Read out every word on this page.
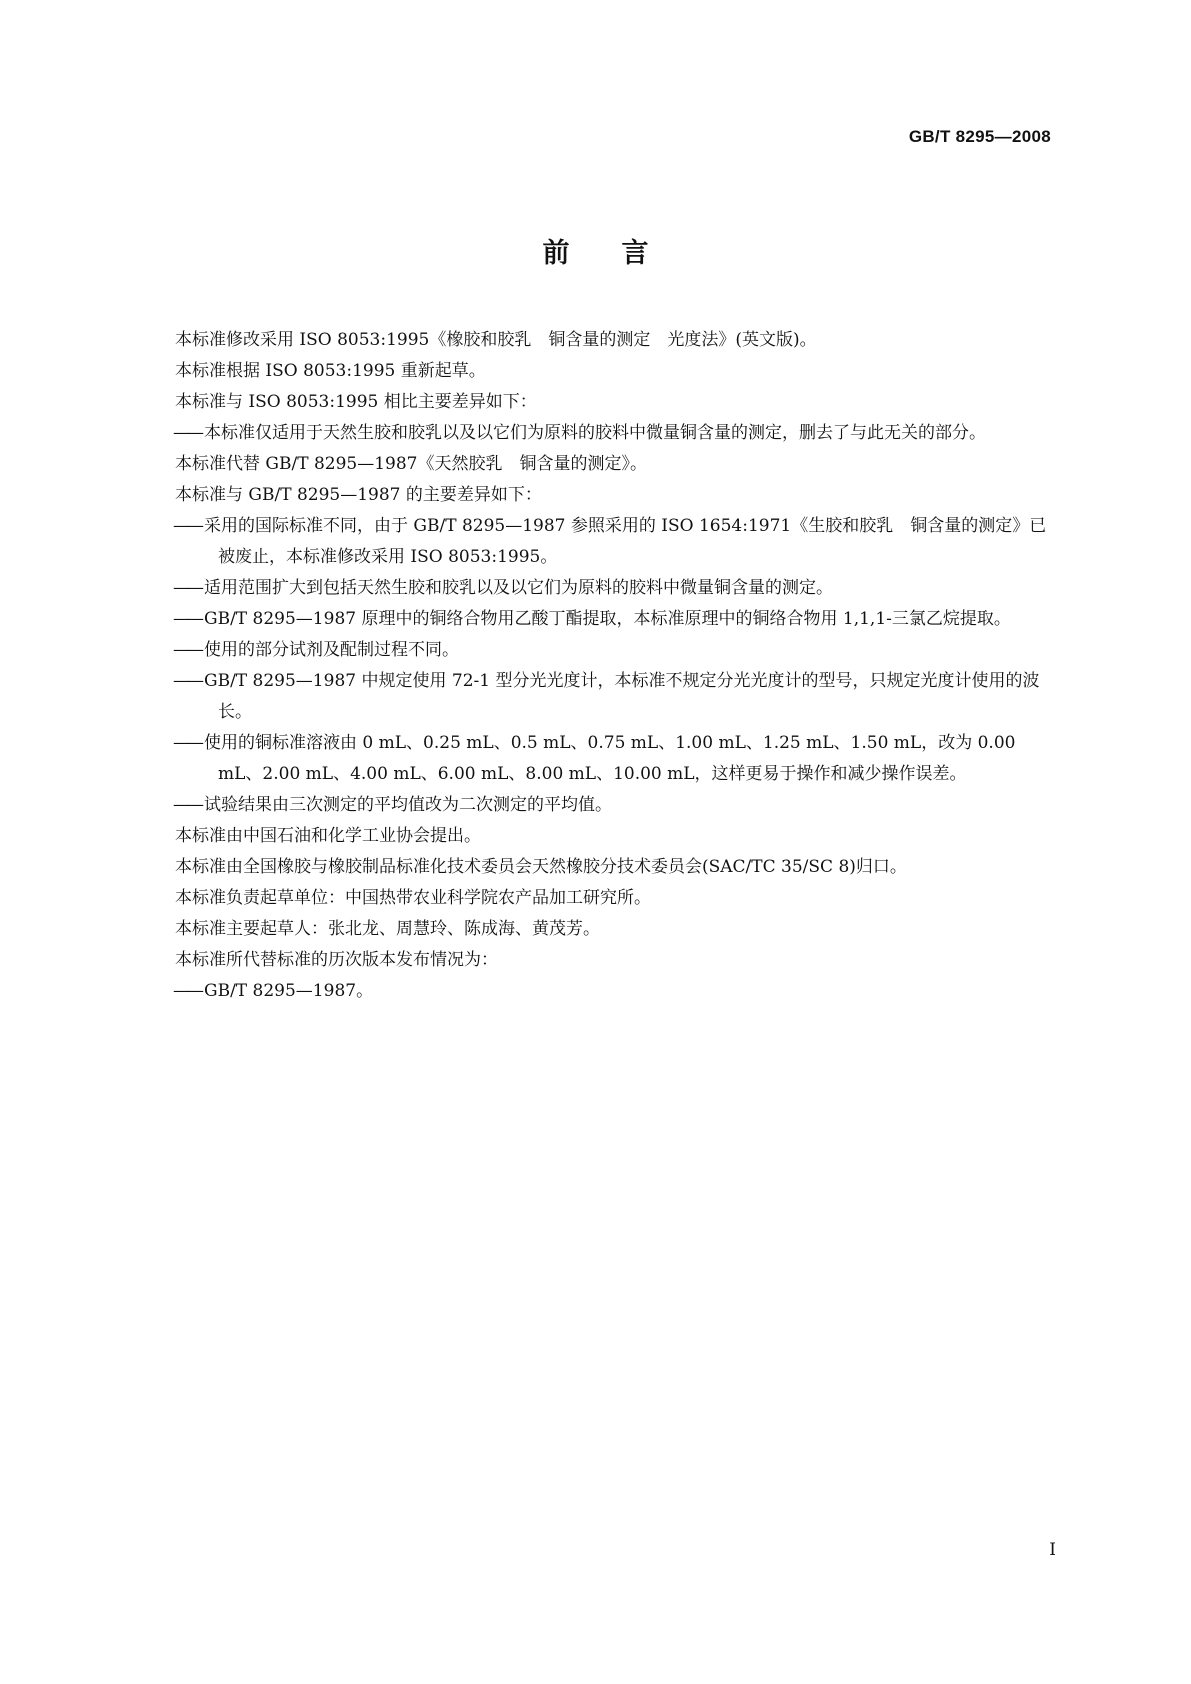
GB/T 8295—2008
前言

本标准修改采用 ISO 8053:1995《橡胶和胶乳　铜含量的测定　光度法》(英文版)。

本标准根据 ISO 8053:1995 重新起草。

本标准与 ISO 8053:1995 相比主要差异如下：

—— 本标准仅适用于天然生胶和胶乳以及以它们为原料的胶料中微量铜含量的测定，删去了与此无关的部分。

本标准代替 GB/T 8295—1987《天然胶乳　铜含量的测定》。

本标准与 GB/T 8295—1987 的主要差异如下：

—— 采用的国际标准不同，由于 GB/T 8295—1987 参照采用的 ISO 1654:1971《生胶和胶乳　铜含量的测定》已被废止，本标准修改采用 ISO 8053:1995。

—— 适用范围扩大到包括天然生胶和胶乳以及以它们为原料的胶料中微量铜含量的测定。

—— GB/T 8295—1987 原理中的铜络合物用乙酸丁酯提取，本标准原理中的铜络合物用 1,1,1-三氯乙烷提取。

—— 使用的部分试剂及配制过程不同。

—— GB/T 8295—1987 中规定使用 72-1 型分光光度计，本标准不规定分光光度计的型号，只规定光度计使用的波长。

—— 使用的铜标准溶液由 0 mL、0.25 mL、0.5 mL、0.75 mL、1.00 mL、1.25 mL、1.50 mL，改为 0.00 mL、2.00 mL、4.00 mL、6.00 mL、8.00 mL、10.00 mL，这样更易于操作和减少操作误差。

—— 试验结果由三次测定的平均值改为二次测定的平均值。

本标准由中国石油和化学工业协会提出。

本标准由全国橡胶与橡胶制品标准化技术委员会天然橡胶分技术委员会(SAC/TC 35/SC 8)归口。

本标准负责起草单位：中国热带农业科学院农产品加工研究所。

本标准主要起草人：张北龙、周慧玲、陈成海、黄茂芳。

本标准所代替标准的历次版本发布情况为：

—— GB/T 8295—1987。

I
